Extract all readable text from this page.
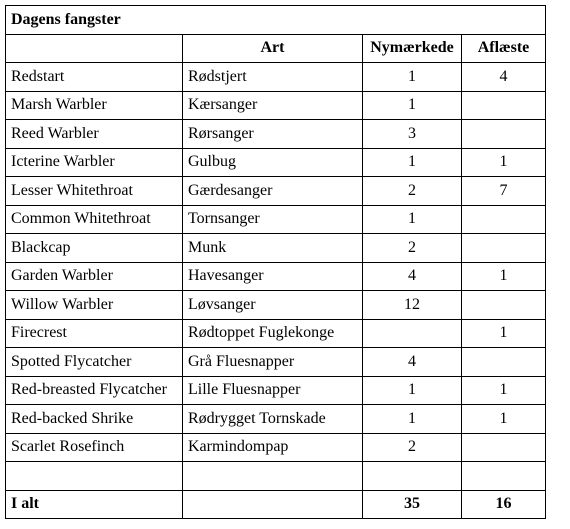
Dagens fangster			
	Art	Nymærkede	Aflæste
Redstart	Rødstjert	1	4
Marsh Warbler	Kærsanger	1	
Reed Warbler	Rørsanger	3	
Icterine Warbler	Gulbug	1	1
Lesser Whitethroat	Gærdesanger	2	7
Common Whitethroat	Tornsanger	1	
Blackcap	Munk	2	
Garden Warbler	Havesanger	4	1
Willow Warbler	Løvsanger	12	
Firecrest	Rødtoppet Fuglekonge		1
Spotted Flycatcher	Grå Fluesnapper	4	
Red-breasted Flycatcher	Lille Fluesnapper	1	1
Red-backed Shrike	Rødrygget Tornskade	1	1
Scarlet Rosefinch	Karmindompap	2	

I alt		35	16
